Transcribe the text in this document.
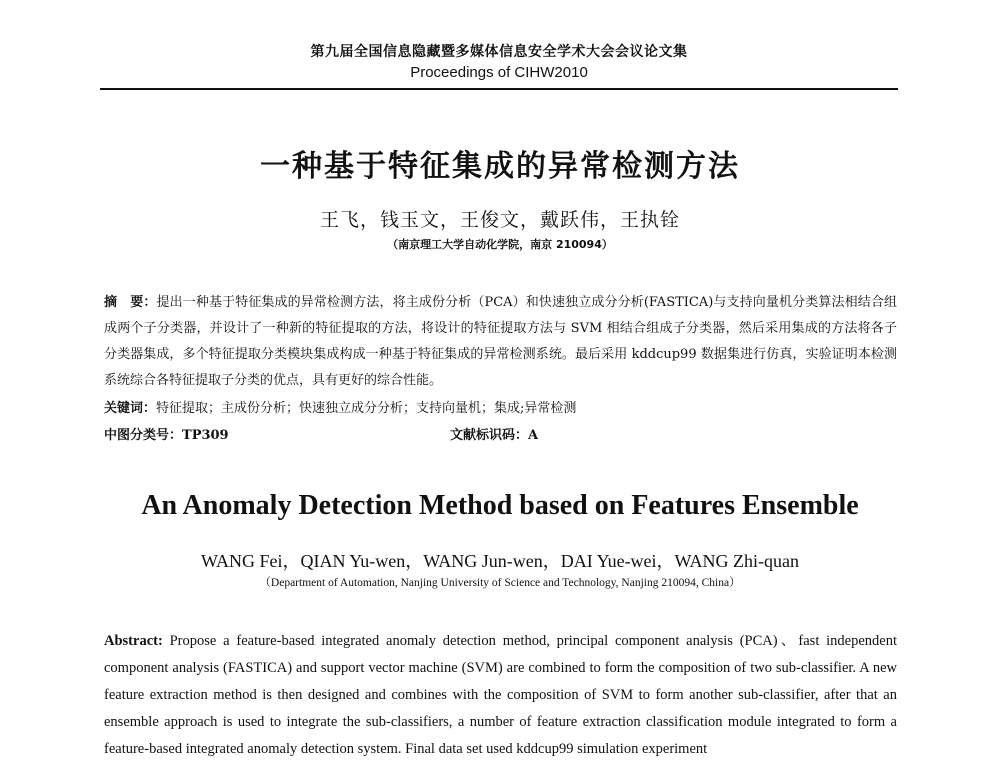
第九届全国信息隐藏暨多媒体信息安全学术大会会议论文集
Proceedings of CIHW2010
一种基于特征集成的异常检测方法
王飞，钱玉文，王俊文，戴跃伟，王执铨
（南京理工大学自动化学院，南京 210094）
摘　要：提出一种基于特征集成的异常检测方法，将主成份分析（PCA）和快速独立成分分析(FASTICA)与支持向量机分类算法相结合组成两个子分类器，并设计了一种新的特征提取的方法，将设计的特征提取方法与 SVM 相结合组成子分类器，然后采用集成的方法将各子分类器集成，多个特征提取分类模块集成构成一种基于特征集成的异常检测系统。最后采用 kddcup99 数据集进行仿真，实验证明本检测系统综合各特征提取子分类的优点，具有更好的综合性能。
关键词：特征提取；主成份分析；快速独立成分分析；支持向量机；集成;异常检测
中图分类号：TP309	文献标识码：A
An Anomaly Detection Method based on Features Ensemble
WANG Fei，QIAN Yu-wen，WANG Jun-wen，DAI Yue-wei，WANG Zhi-quan
（Department of Automation, Nanjing University of Science and Technology, Nanjing 210094, China）
Abstract: Propose a feature-based integrated anomaly detection method, principal component analysis (PCA)、fast independent component analysis (FASTICA) and support vector machine (SVM) are combined to form the composition of two sub-classifier. A new feature extraction method is then designed and combines with the composition of SVM to form another sub-classifier, after that an ensemble approach is used to integrate the sub-classifiers, a number of feature extraction classification module integrated to form a feature-based integrated anomaly detection system. Final data set used kddcup99 simulation experiment
